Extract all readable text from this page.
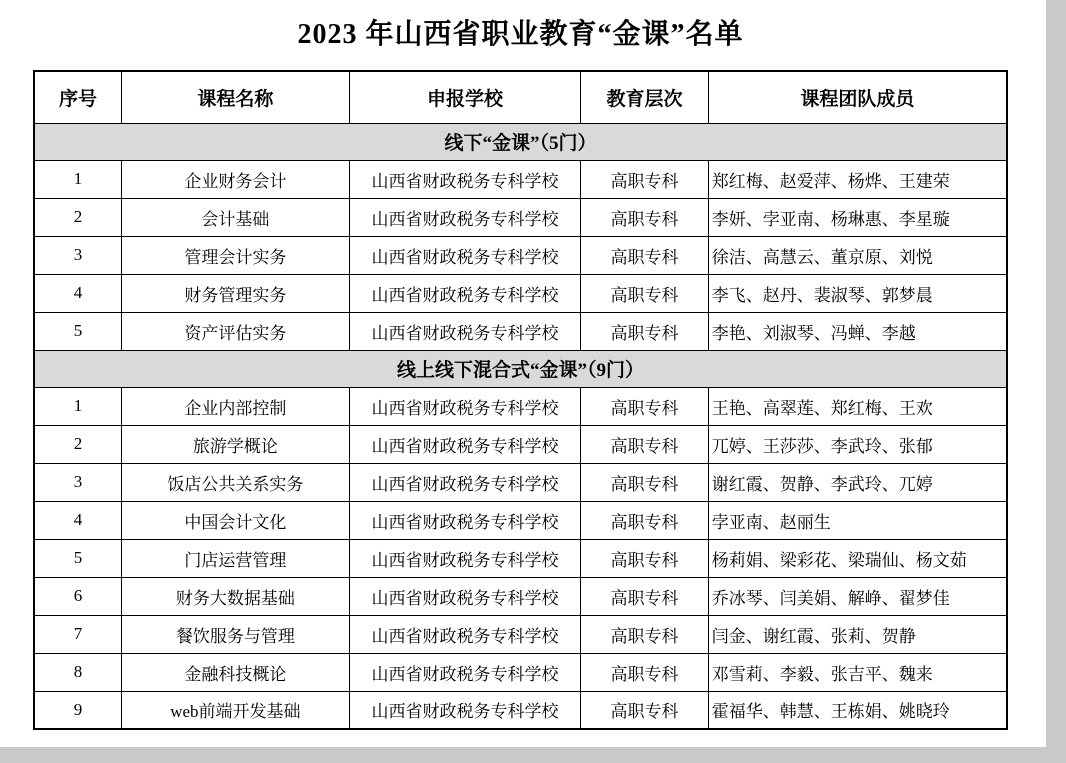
2023 年山西省职业教育“金课”名单
序号	课程名称	申报学校	教育层次	课程团队成员
线下“金课”（5门）				
1	企业财务会计	山西省财政税务专科学校	高职专科	郑红梅、赵爱萍、杨烨、王建荣
2	会计基础	山西省财政税务专科学校	高职专科	李妍、孛亚南、杨琳惠、李星璇
3	管理会计实务	山西省财政税务专科学校	高职专科	徐洁、高慧云、董京原、刘悦
4	财务管理实务	山西省财政税务专科学校	高职专科	李飞、赵丹、裴淑琴、郭梦晨
5	资产评估实务	山西省财政税务专科学校	高职专科	李艳、刘淑琴、冯蝉、李越
线上线下混合式“金课”（9门）				
1	企业内部控制	山西省财政税务专科学校	高职专科	王艳、高翠莲、郑红梅、王欢
2	旅游学概论	山西省财政税务专科学校	高职专科	兀婷、王莎莎、李武玲、张郁
3	饭店公共关系实务	山西省财政税务专科学校	高职专科	谢红霞、贺静、李武玲、兀婷
4	中国会计文化	山西省财政税务专科学校	高职专科	孛亚南、赵丽生
5	门店运营管理	山西省财政税务专科学校	高职专科	杨莉娟、梁彩花、梁瑞仙、杨文茹
6	财务大数据基础	山西省财政税务专科学校	高职专科	乔冰琴、闫美娟、解峥、翟梦佳
7	餐饮服务与管理	山西省财政税务专科学校	高职专科	闫金、谢红霞、张莉、贺静
8	金融科技概论	山西省财政税务专科学校	高职专科	邓雪莉、李毅、张吉平、魏来
9	web前端开发基础	山西省财政税务专科学校	高职专科	霍福华、韩慧、王栋娟、姚晓玲
